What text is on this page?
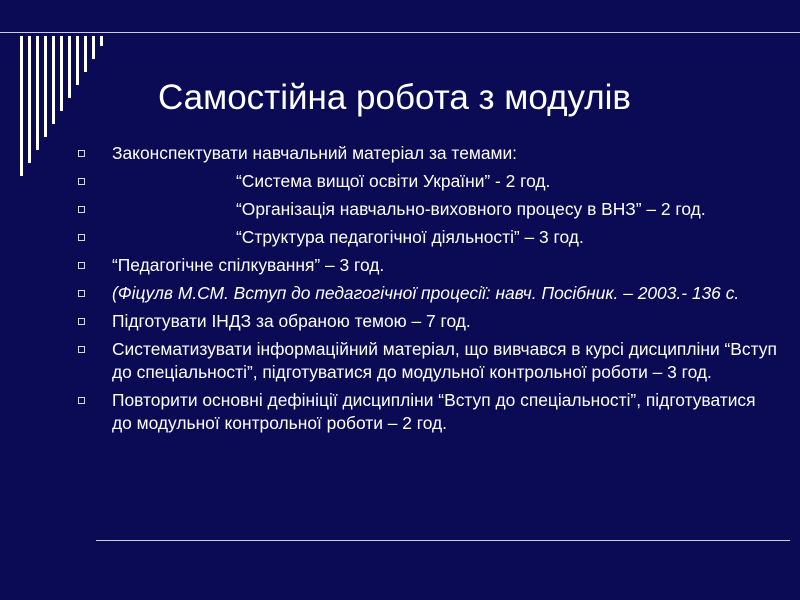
Самостійна робота з модулів
Законспектувати навчальний матеріал за темами:
“Система вищої освіти України” - 2 год.
“Організація навчально-виховного процесу в ВНЗ” – 2 год.
“Структура педагогічної діяльності” – 3 год.
“Педагогічне спілкування” – 3 год.
(Фіцулв М.СМ. Вступ до педагогічної процесії: навч. Посібник. – 2003.- 136 с.
Підготувати ІНДЗ за обраною темою – 7 год.
Систематизувати інформаційний матеріал, що вивчався в курсі дисципліни “Вступ до спеціальності”, підготуватися до модульної контрольної роботи – 3 год.
Повторити основні дефініції дисципліни “Вступ до спеціальності”, підготуватися до модульної контрольної роботи – 2 год.
